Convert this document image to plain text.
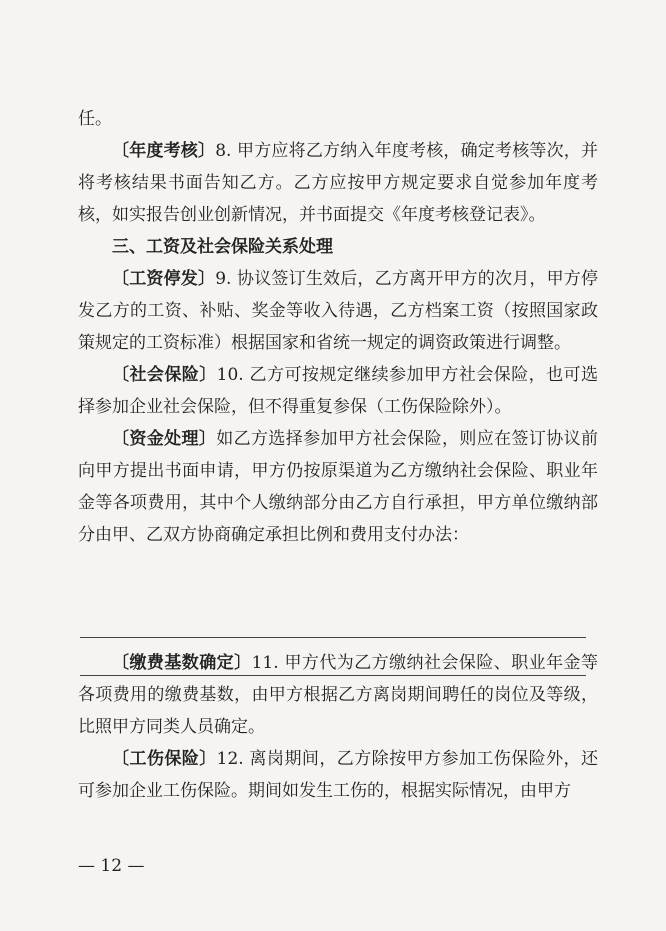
任。

〔年度考核〕8. 甲方应将乙方纳入年度考核，确定考核等次，并将考核结果书面告知乙方。乙方应按甲方规定要求自觉参加年度考核，如实报告创业创新情况，并书面提交《年度考核登记表》。

三、工资及社会保险关系处理

〔工资停发〕9. 协议签订生效后，乙方离开甲方的次月，甲方停发乙方的工资、补贴、奖金等收入待遇，乙方档案工资（按照国家政策规定的工资标准）根据国家和省统一规定的调资政策进行调整。

〔社会保险〕10. 乙方可按规定继续参加甲方社会保险，也可选择参加企业社会保险，但不得重复参保（工伤保险除外）。

〔资金处理〕如乙方选择参加甲方社会保险，则应在签订协议前向甲方提出书面申请，甲方仍按原渠道为乙方缴纳社会保险、职业年金等各项费用，其中个人缴纳部分由乙方自行承担，甲方单位缴纳部分由甲、乙双方协商确定承担比例和费用支付办法：

〔缴费基数确定〕11. 甲方代为乙方缴纳社会保险、职业年金等各项费用的缴费基数，由甲方根据乙方离岗期间聘任的岗位及等级，比照甲方同类人员确定。

〔工伤保险〕12. 离岗期间，乙方除按甲方参加工伤保险外，还可参加企业工伤保险。期间如发生工伤的，根据实际情况，由甲方

— 12 —
